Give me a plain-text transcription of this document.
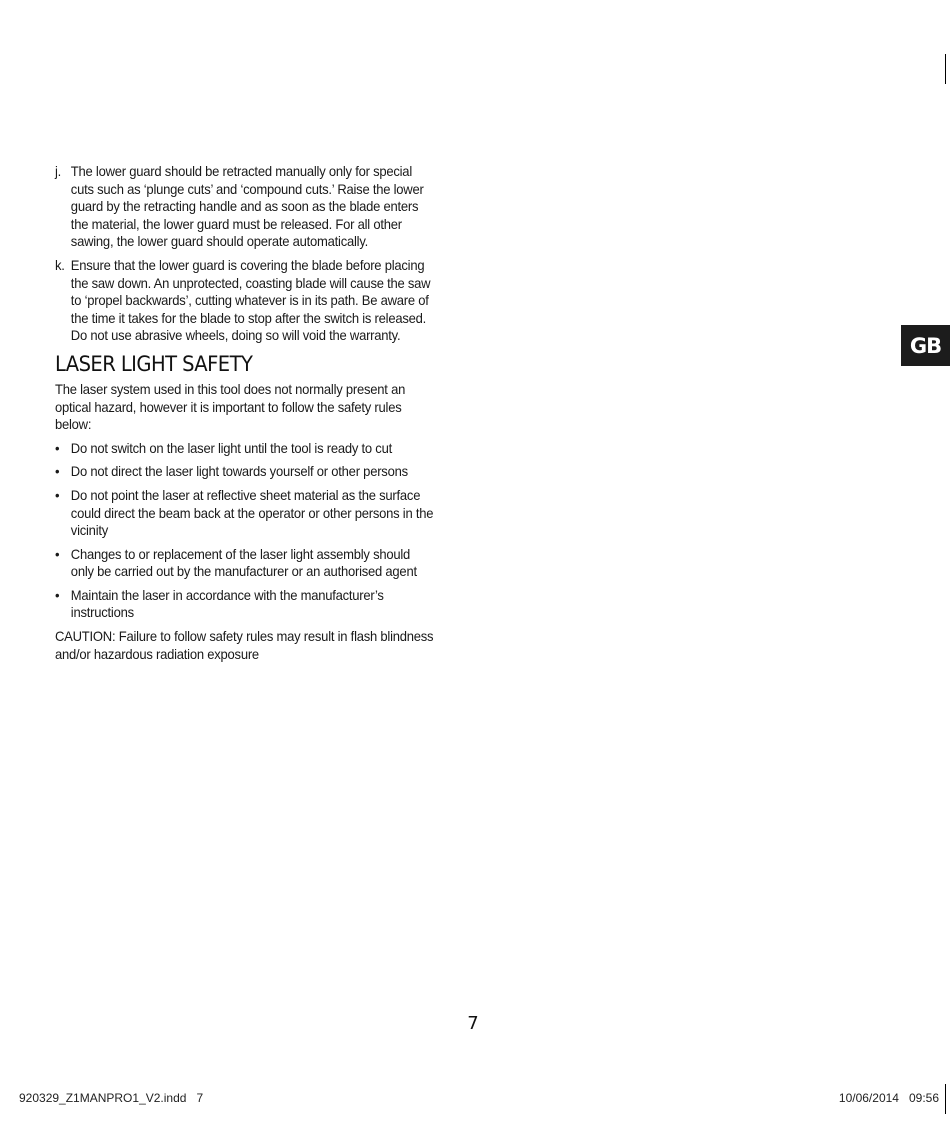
j. The lower guard should be retracted manually only for special cuts such as ‘plunge cuts’ and ‘compound cuts.’ Raise the lower guard by the retracting handle and as soon as the blade enters the material, the lower guard must be released. For all other sawing, the lower guard should operate automatically.
k. Ensure that the lower guard is covering the blade before placing the saw down. An unprotected, coasting blade will cause the saw to ‘propel backwards’, cutting whatever is in its path. Be aware of the time it takes for the blade to stop after the switch is released. Do not use abrasive wheels, doing so will void the warranty.
LASER LIGHT SAFETY

The laser system used in this tool does not normally present an optical hazard, however it is important to follow the safety rules below:

• Do not switch on the laser light until the tool is ready to cut
• Do not direct the laser light towards yourself or other persons
• Do not point the laser at reflective sheet material as the surface could direct the beam back at the operator or other persons in the vicinity
• Changes to or replacement of the laser light assembly should only be carried out by the manufacturer or an authorised agent
• Maintain the laser in accordance with the manufacturer’s instructions

CAUTION: Failure to follow safety rules may result in flash blindness and/or hazardous radiation exposure

GB
7
920329_Z1MANPRO1_V2.indd   7	10/06/2014   09:56
